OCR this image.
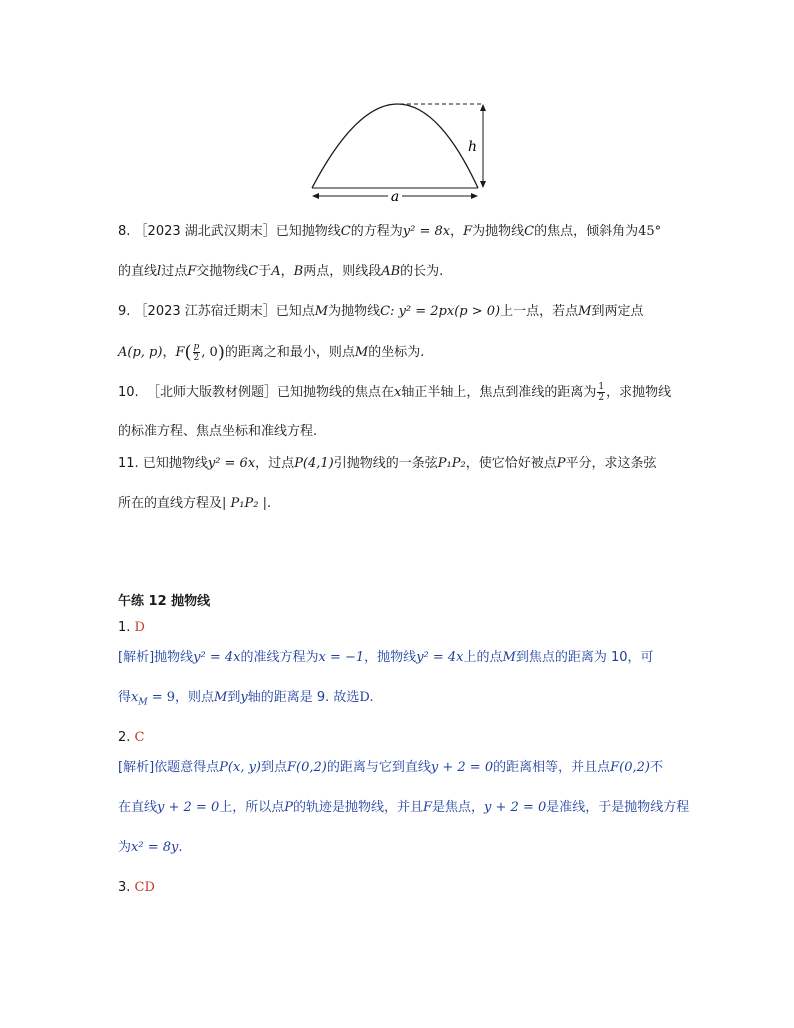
a
h
8. ［2023 湖北武汉期末］已知抛物线C的方程为y² = 8x，F为抛物线C的焦点，倾斜角为45°
的直线l过点F交抛物线C于A，B两点，则线段AB的长为.
9. ［2023 江苏宿迁期末］已知点M为抛物线C: y² = 2px(p > 0)上一点，若点M到两定点
A(p, p)，$F( \frac{p}{2}$ , 0)的距离之和最小，则点M的坐标为.
10. ［北师大版教材例题］已知抛物线的焦点在x轴正半轴上，焦点到准线的距离为 $\frac{1}{2}$ ，求抛物线
的标准方程、焦点坐标和准线方程.
11. 已知抛物线y² = 6x，过点P(4,1)引抛物线的一条弦P₁P₂，使它恰好被点P平分，求这条弦
所在的直线方程及| P₁P₂ |.
午练 12 抛物线
1. D
[解析]抛物线y² = 4x的准线方程为x = −1，抛物线y² = 4x上的点M到焦点的距离为 10，可
得$x_M = 9$，则点M到y轴的距离是 9. 故选D.
2. C
[解析]依题意得点P(x, y)到点F(0,2)的距离与它到直线y + 2 = 0的距离相等，并且点F(0,2)不
在直线y + 2 = 0上，所以点P的轨迹是抛物线，并且F是焦点，y + 2 = 0是准线，于是抛物线方程
为x² = 8y.
3. CD
